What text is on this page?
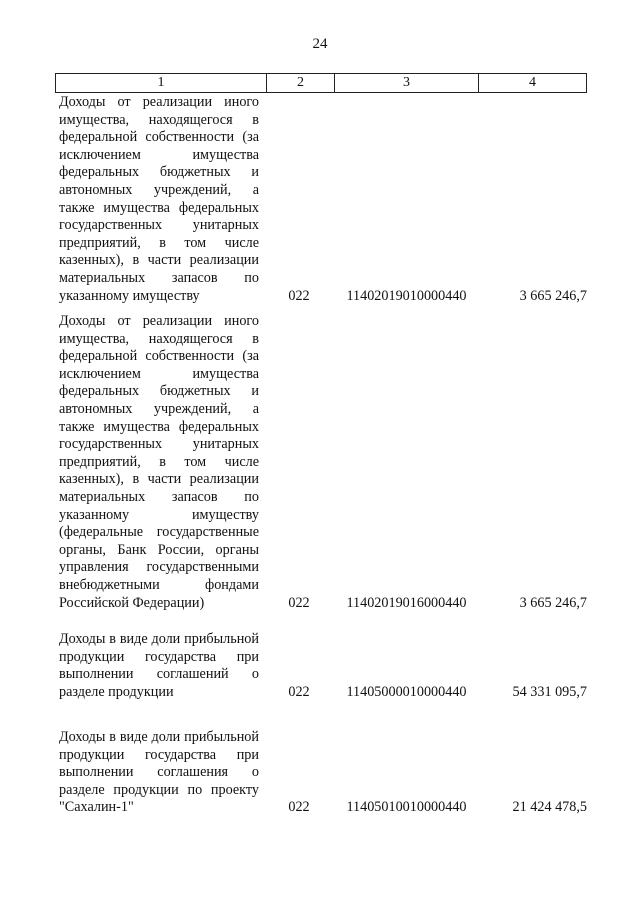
24
1	2	3	4
Доходы от реализации иного имущества, находящегося в федеральной собственности (за исключением имущества федеральных бюджетных и автономных учреждений, а также имущества федеральных государственных унитарных предприятий, в том числе казенных), в части реализации материальных запасов по указанному имуществу	022	11402019010000440	3 665 246,7
Доходы от реализации иного имущества, находящегося в федеральной собственности (за исключением имущества федеральных бюджетных и автономных учреждений, а также имущества федеральных государственных унитарных предприятий, в том числе казенных), в части реализации материальных запасов по указанному имуществу (федеральные государственные органы, Банк России, органы управления государственными внебюджетными фондами Российской Федерации)	022	11402019016000440	3 665 246,7
Доходы в виде доли прибыльной продукции государства при выполнении соглашений о разделе продукции	022	11405000010000440	54 331 095,7
Доходы в виде доли прибыльной продукции государства при выполнении соглашения о разделе продукции по проекту "Сахалин-1"	022	11405010010000440	21 424 478,5
